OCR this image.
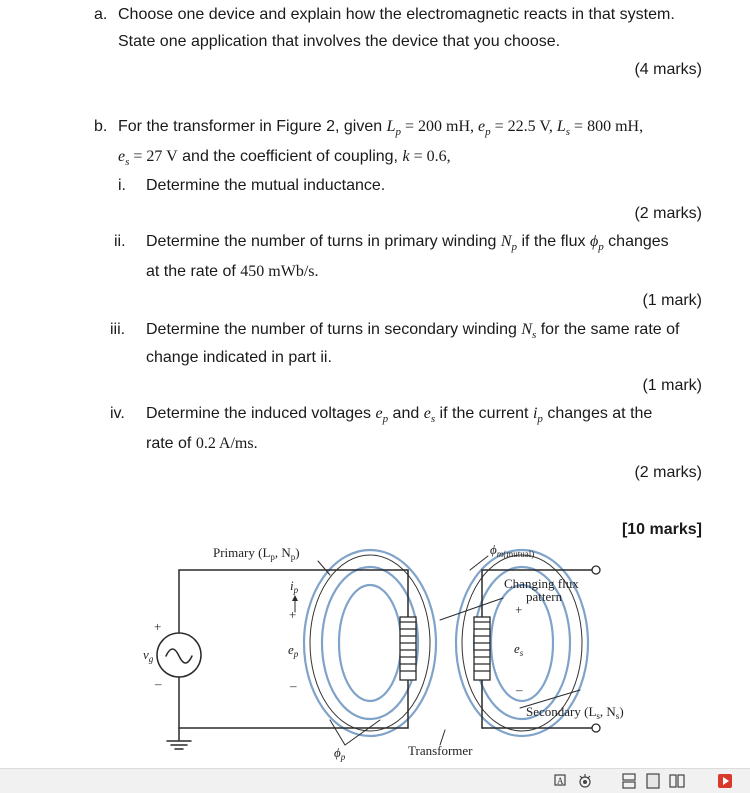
a. Choose one device and explain how the electromagnetic reacts in that system.
State one application that involves the device that you choose.
(4 marks)
b. For the transformer in Figure 2, given $L_p = 200$ mH, $e_p = 22.5$ V, $L_s = 800$ mH,
$e_s = 27$ V and the coefficient of coupling, k = 0.6,
i. Determine the mutual inductance.
(2 marks)
ii. Determine the number of turns in primary winding $N_p$ if the flux $\phi_p$ changes
at the rate of 450 mWb/s.
(1 mark)
iii. Determine the number of turns in secondary winding $N_s$ for the same rate of
change indicated in part ii.
(1 mark)
iv. Determine the induced voltages $e_p$ and $e_s$ if the current $i_p$ changes at the
rate of 0.2 A/ms.
(2 marks)
[10 marks]
Primary ($L_p$, $N_p$)	$\phi_m(mutual)$
Changing flux
pattern
Secondary ($L_s$, $N_s$)
Transformer
$i_p$
+
$e_p$
–
+
$e_s$
–
$v_g$
+
–
$\phi_p$
A
